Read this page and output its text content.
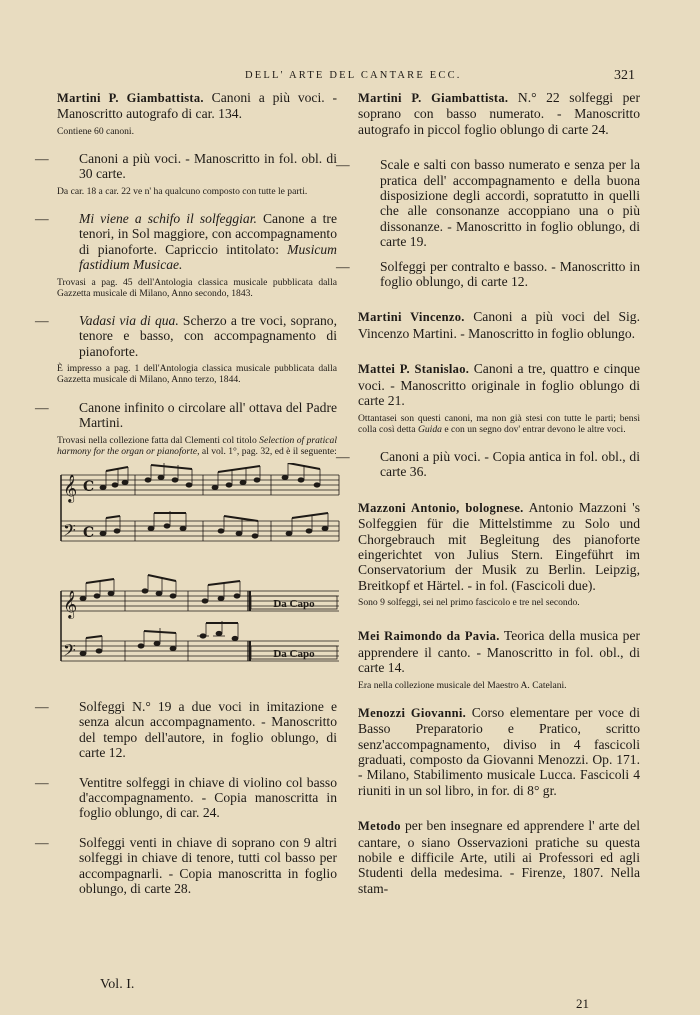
DELL' ARTE DEL CANTARE ECC.	321

Martini P. Giambattista. Canoni a più voci. - Manoscritto autografo di car. 134.

Contiene 60 canoni.

— Canoni a più voci. - Manoscritto in fol. obl. di 30 carte.

Da car. 18 a car. 22 ve n' ha qualcuno composto con tutte le parti.

— Mi viene a schifo il solfeggiar. Canone a tre tenori, in Sol maggiore, con accompagnamento di pianoforte. Capriccio intitolato: Musicum fastidium Musicae.

Trovasi a pag. 45 dell'Antologia classica musicale pubblicata dalla Gazzetta musicale di Milano, Anno secondo, 1843.

— Vadasi via di qua. Scherzo a tre voci, soprano, tenore e basso, con accompagnamento di pianoforte.

È impresso a pag. 1 dell'Antologia classica musicale pubblicata dalla Gazzetta musicale di Milano, Anno terzo, 1844.

— Canone infinito o circolare all' ottava del Padre Martini.

Trovasi nella collezione fatta dal Clementi col titolo Selection of pratical harmony for the organ or pianoforte, al vol. 1°, pag. 32, ed è il seguente:

𝄞 C
𝄢 C
𝄞
𝄢
Da Capo
Da Capo

— Solfeggi N.° 19 a due voci in imitazione e senza alcun accompagnamento. - Manoscritto del tempo dell'autore, in foglio oblungo, di carte 12.

— Ventitre solfeggi in chiave di violino col basso d'accompagnamento. - Copia manoscritta in foglio oblungo, di car. 24.

— Solfeggi venti in chiave di soprano con 9 altri solfeggi in chiave di tenore, tutti col basso per accompagnarli. - Copia manoscritta in foglio oblungo, di carte 28.

Martini P. Giambattista. N.° 22 solfeggi per soprano con basso numerato. - Manoscritto autografo in piccol foglio oblungo di carte 24.

— Scale e salti con basso numerato e senza per la pratica dell' accompagnamento e della buona disposizione degli accordi, sopratutto in quelli che alle consonanze accoppiano una o più dissonanze. - Manoscritto in foglio oblungo, di carte 19.

— Solfeggi per contralto e basso. - Manoscritto in foglio oblungo, di carte 12.

Martini Vincenzo. Canoni a più voci del Sig. Vincenzo Martini. - Manoscritto in foglio oblungo.

Mattei P. Stanislao. Canoni a tre, quattro e cinque voci. - Manoscritto originale in foglio oblungo di carte 21.

Ottantasei son questi canoni, ma non già stesi con tutte le parti; bensì colla così detta Guida e con un segno dov' entrar devono le altre voci.

— Canoni a più voci. - Copia antica in fol. obl., di carte 36.

Mazzoni Antonio, bolognese. Antonio Mazzoni 's Solfeggien für die Mittelstimme zu Solo und Chorgebrauch mit Begleitung des pianoforte eingerichtet von Julius Stern. Eingeführt im Conservatorium der Musik zu Berlin. Leipzig, Breitkopf et Härtel. - in fol. (Fascicoli due).

Sono 9 solfeggi, sei nel primo fascicolo e tre nel secondo.

Mei Raimondo da Pavia. Teorica della musica per apprendere il canto. - Manoscritto in fol. obl., di carte 14.

Era nella collezione musicale del Maestro A. Catelani.

Menozzi Giovanni. Corso elementare per voce di Basso Preparatorio e Pratico, scritto senz'accompagnamento, diviso in 4 fascicoli graduati, composto da Giovanni Menozzi. Op. 171. - Milano, Stabilimento musicale Lucca. Fascicoli 4 riuniti in un sol libro, in for. di 8° gr.

Metodo per ben insegnare ed apprendere l' arte del cantare, o siano Osservazioni pratiche su questa nobile e difficile Arte, utili ai Professori ed agli Studenti della medesima. - Firenze, 1807. Nella stam-

Vol. I.
21
